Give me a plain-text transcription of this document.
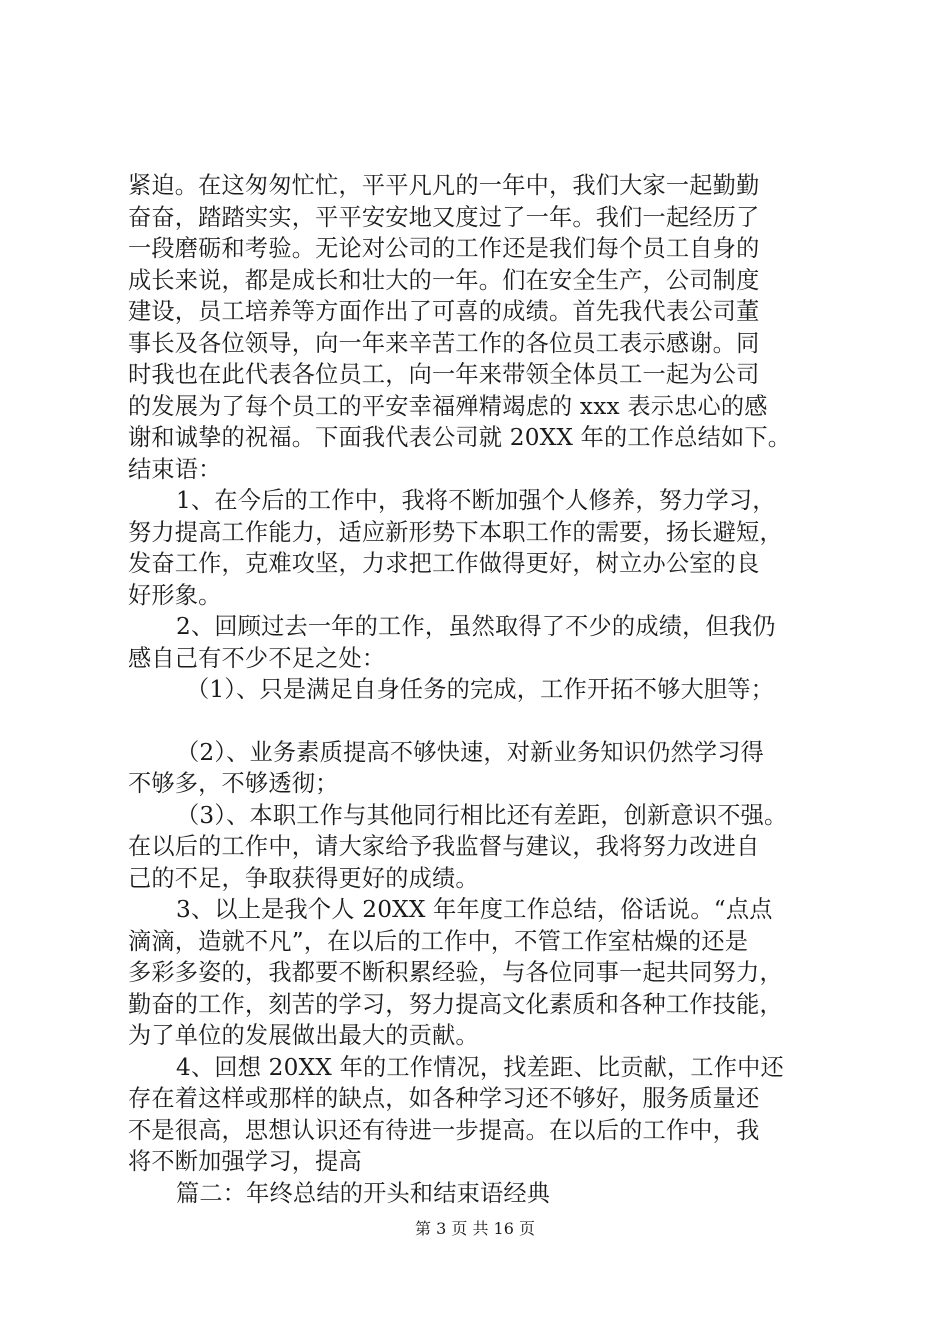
紧迫。在这匆匆忙忙，平平凡凡的一年中，我们大家一起勤勤
奋奋，踏踏实实，平平安安地又度过了一年。我们一起经历了
一段磨砺和考验。无论对公司的工作还是我们每个员工自身的
成长来说，都是成长和壮大的一年。们在安全生产，公司制度
建设，员工培养等方面作出了可喜的成绩。首先我代表公司董
事长及各位领导，向一年来辛苦工作的各位员工表示感谢。同
时我也在此代表各位员工，向一年来带领全体员工一起为公司
的发展为了每个员工的平安幸福殚精竭虑的 xxx 表示忠心的感
谢和诚挚的祝福。下面我代表公司就 20XX 年的工作总结如下。
结束语：
1、在今后的工作中，我将不断加强个人修养，努力学习，
努力提高工作能力，适应新形势下本职工作的需要，扬长避短，
发奋工作，克难攻坚，力求把工作做得更好，树立办公室的良
好形象。
2、回顾过去一年的工作，虽然取得了不少的成绩，但我仍
感自己有不少不足之处：
（1）、只是满足自身任务的完成，工作开拓不够大胆等；
（2）、业务素质提高不够快速，对新业务知识仍然学习得
不够多，不够透彻；
（3）、本职工作与其他同行相比还有差距，创新意识不强。
在以后的工作中，请大家给予我监督与建议，我将努力改进自
己的不足，争取获得更好的成绩。
3、以上是我个人 20XX 年年度工作总结，俗话说。“点点
滴滴，造就不凡”，在以后的工作中，不管工作室枯燥的还是
多彩多姿的，我都要不断积累经验，与各位同事一起共同努力，
勤奋的工作，刻苦的学习，努力提高文化素质和各种工作技能，
为了单位的发展做出最大的贡献。
4、回想 20XX 年的工作情况，找差距、比贡献，工作中还
存在着这样或那样的缺点，如各种学习还不够好，服务质量还
不是很高，思想认识还有待进一步提高。在以后的工作中，我
将不断加强学习，提高
篇二：年终总结的开头和结束语经典
第 3 页 共 16 页
